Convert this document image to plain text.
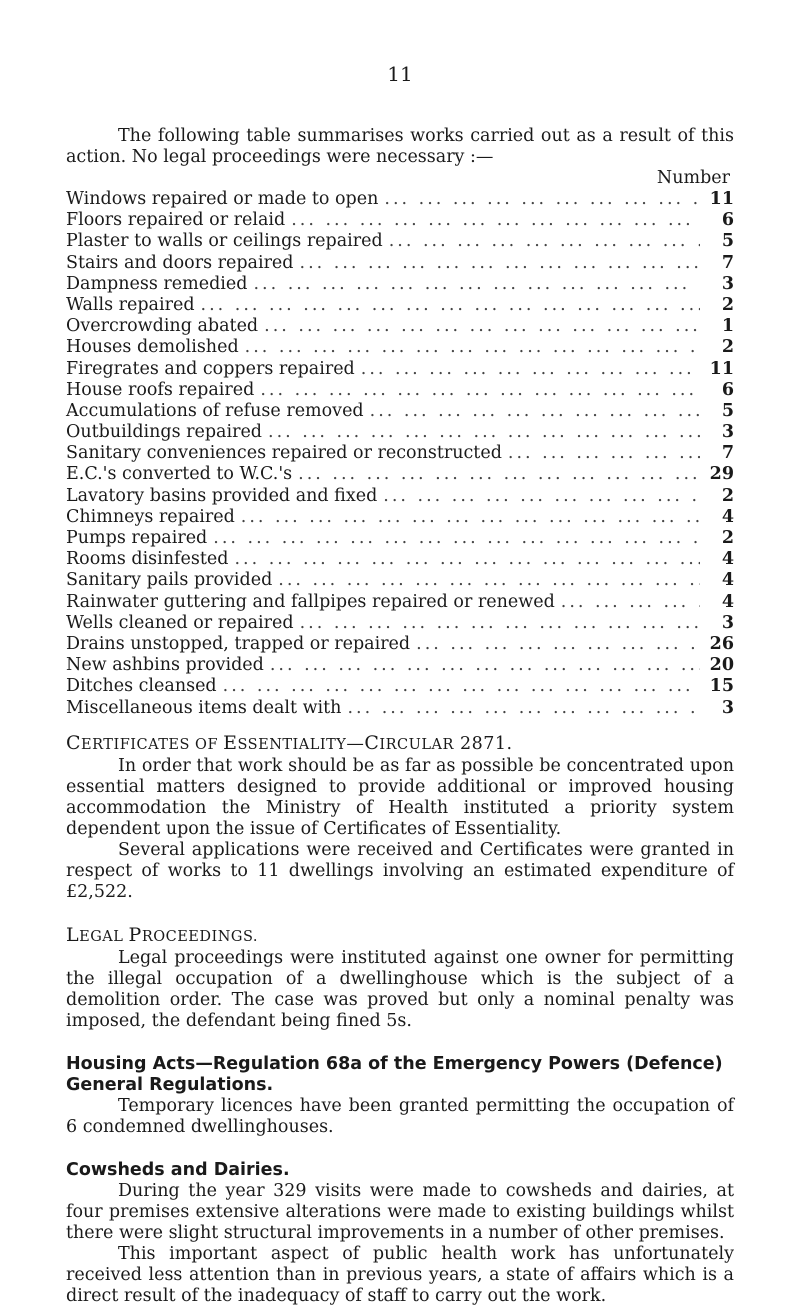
11

The following table summarises works carried out as a result of this action. No legal proceedings were necessary :—

Number
Windows repaired or made to open ... .	11
Floors repaired or relaid ... .	6
Plaster to walls or ceilings repaired ... .	5
Stairs and doors repaired ... .	7
Dampness remedied ... .	3
Walls repaired ... .	2
Overcrowding abated ... .	1
Houses demolished ... .	2
Firegrates and coppers repaired ... .	11
House roofs repaired ... .	6
Accumulations of refuse removed ... .	5
Outbuildings repaired ... .	3
Sanitary conveniences repaired or reconstructed ... .	7
E.C.'s converted to W.C.'s ... .	29
Lavatory basins provided and fixed ... .	2
Chimneys repaired ... .	4
Pumps repaired ... .	2
Rooms disinfested ... .	4
Sanitary pails provided ... .	4
Rainwater guttering and fallpipes repaired or renewed ... .	4
Wells cleaned or repaired ... .	3
Drains unstopped, trapped or repaired ... .	26
New ashbins provided ... .	20
Ditches cleansed ... .	15
Miscellaneous items dealt with ... .	3
CERTIFICATES OF ESSENTIALITY—CIRCULAR 2871.

In order that work should be as far as possible be concentrated upon essential matters designed to provide additional or improved housing accommodation the Ministry of Health instituted a priority system dependent upon the issue of Certificates of Essentiality.

Several applications were received and Certificates were granted in respect of works to 11 dwellings involving an estimated expenditure of £2,522.

LEGAL PROCEEDINGS.

Legal proceedings were instituted against one owner for permitting the illegal occupation of a dwellinghouse which is the subject of a demolition order. The case was proved but only a nominal penalty was imposed, the defendant being fined 5s.

Housing Acts—Regulation 68a of the Emergency Powers (Defence)
General Regulations.

Temporary licences have been granted permitting the occupation of 6 condemned dwellinghouses.

Cowsheds and Dairies.

During the year 329 visits were made to cowsheds and dairies, at four premises extensive alterations were made to existing buildings whilst there were slight structural improvements in a number of other premises.

This important aspect of public health work has unfortunately received less attention than in previous years, a state of affairs which is a direct result of the inadequacy of staff to carry out the work.
